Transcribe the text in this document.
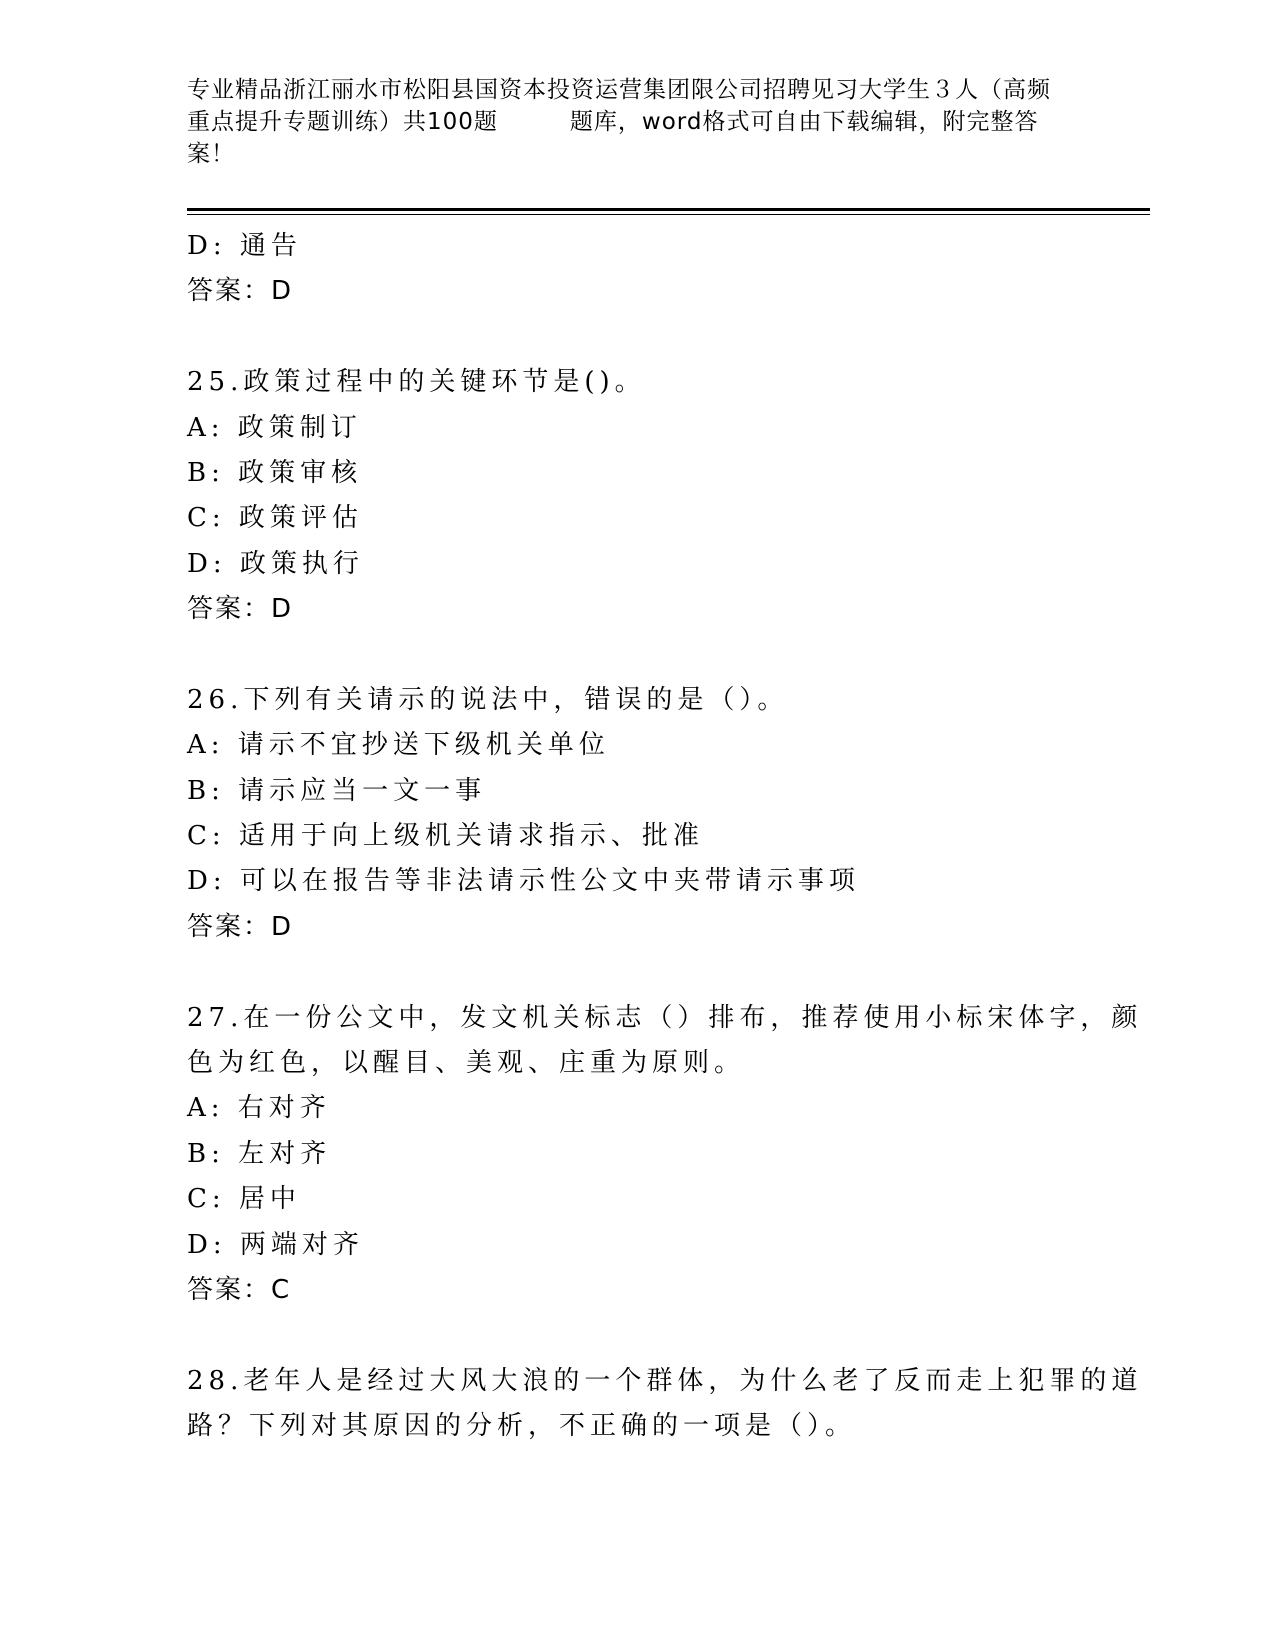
专业精品浙江丽水市松阳县国资本投资运营集团限公司招聘见习大学生３人（高频
重点提升专题训练）共100题	题库，word格式可自由下载编辑，附完整答
案！
D: 通告
答案：D
25.政策过程中的关键环节是()。
A: 政策制订
B: 政策审核
C: 政策评估
D: 政策执行
答案：D
26.下列有关请示的说法中，错误的是（）。
A: 请示不宜抄送下级机关单位
B: 请示应当一文一事
C: 适用于向上级机关请求指示、批准
D: 可以在报告等非法请示性公文中夹带请示事项
答案：D
27.在一份公文中，发文机关标志（）排布，推荐使用小标宋体字，颜
色为红色，以醒目、美观、庄重为原则。
A: 右对齐
B: 左对齐
C: 居中
D: 两端对齐
答案：C
28.老年人是经过大风大浪的一个群体，为什么老了反而走上犯罪的道
路？下列对其原因的分析，不正确的一项是（）。
